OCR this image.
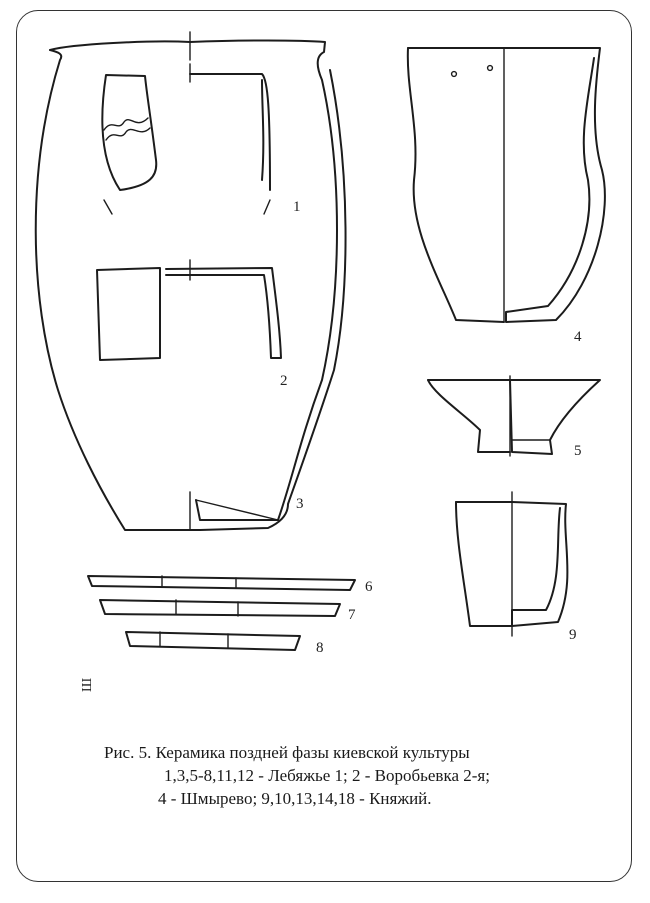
1
2
3
4
5
6
7
8
9
Ш
Рис. 5. Керамика поздней фазы киевской культуры
1,3,5-8,11,12 - Лебяжье 1; 2 - Воробьевка 2-я;
4 - Шмырево; 9,10,13,14,18 - Княжий.
